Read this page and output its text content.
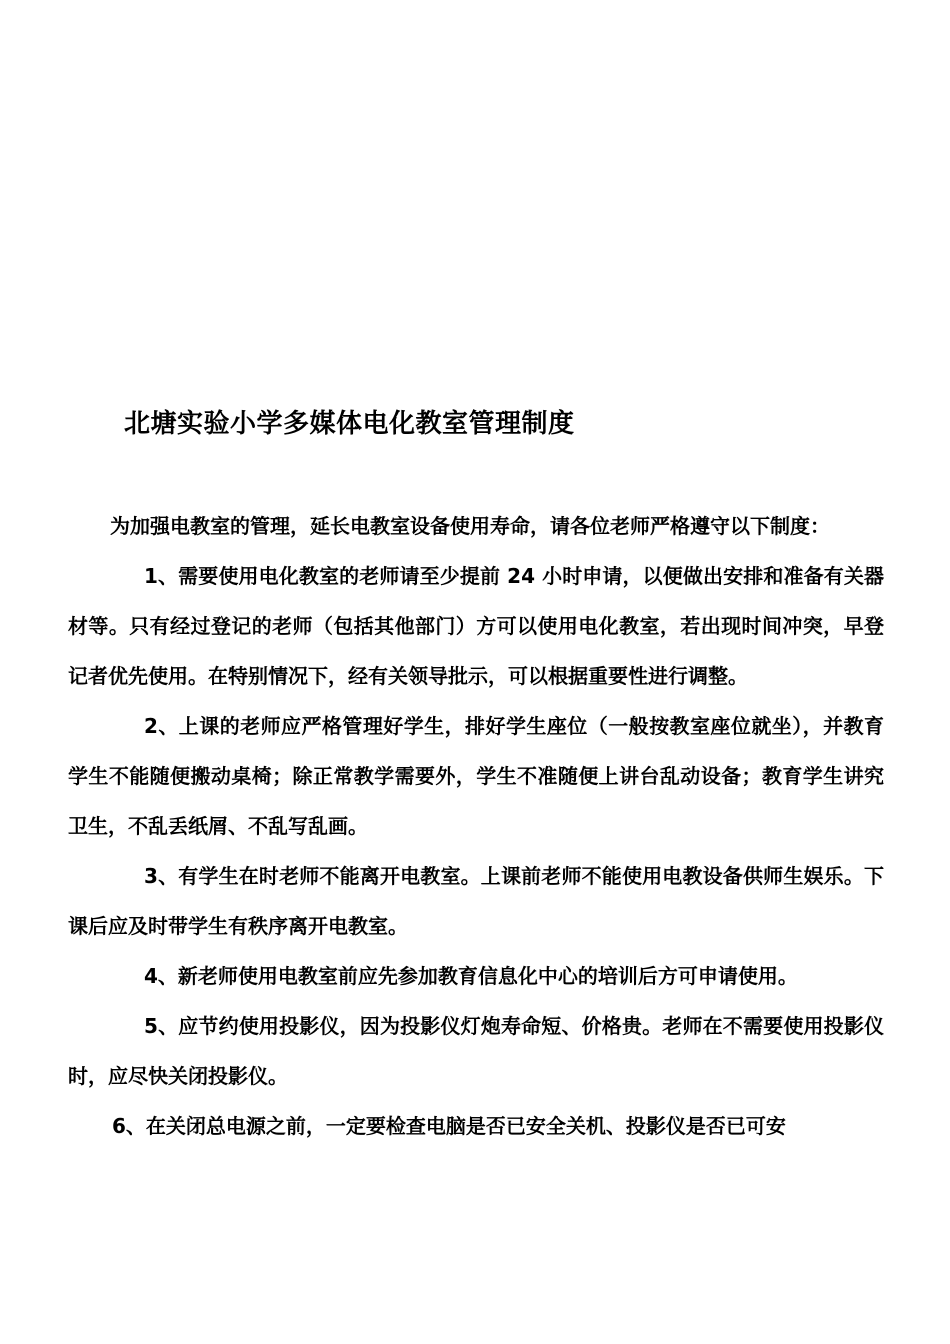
北塘实验小学多媒体电化教室管理制度

为加强电教室的管理，延长电教室设备使用寿命，请各位老师严格遵守以下制度：

1、需要使用电化教室的老师请至少提前 24 小时申请，以便做出安排和准备有关器材等。只有经过登记的老师（包括其他部门）方可以使用电化教室，若出现时间冲突，早登记者优先使用。在特别情况下，经有关领导批示，可以根据重要性进行调整。

2、上课的老师应严格管理好学生，排好学生座位（一般按教室座位就坐），并教育学生不能随便搬动桌椅；除正常教学需要外，学生不准随便上讲台乱动设备；教育学生讲究卫生，不乱丢纸屑、不乱写乱画。

3、有学生在时老师不能离开电教室。上课前老师不能使用电教设备供师生娱乐。下课后应及时带学生有秩序离开电教室。

4、新老师使用电教室前应先参加教育信息化中心的培训后方可申请使用。

5、应节约使用投影仪，因为投影仪灯炮寿命短、价格贵。老师在不需要使用投影仪时，应尽快关闭投影仪。

6、在关闭总电源之前，一定要检查电脑是否已安全关机、投影仪是否已可安
